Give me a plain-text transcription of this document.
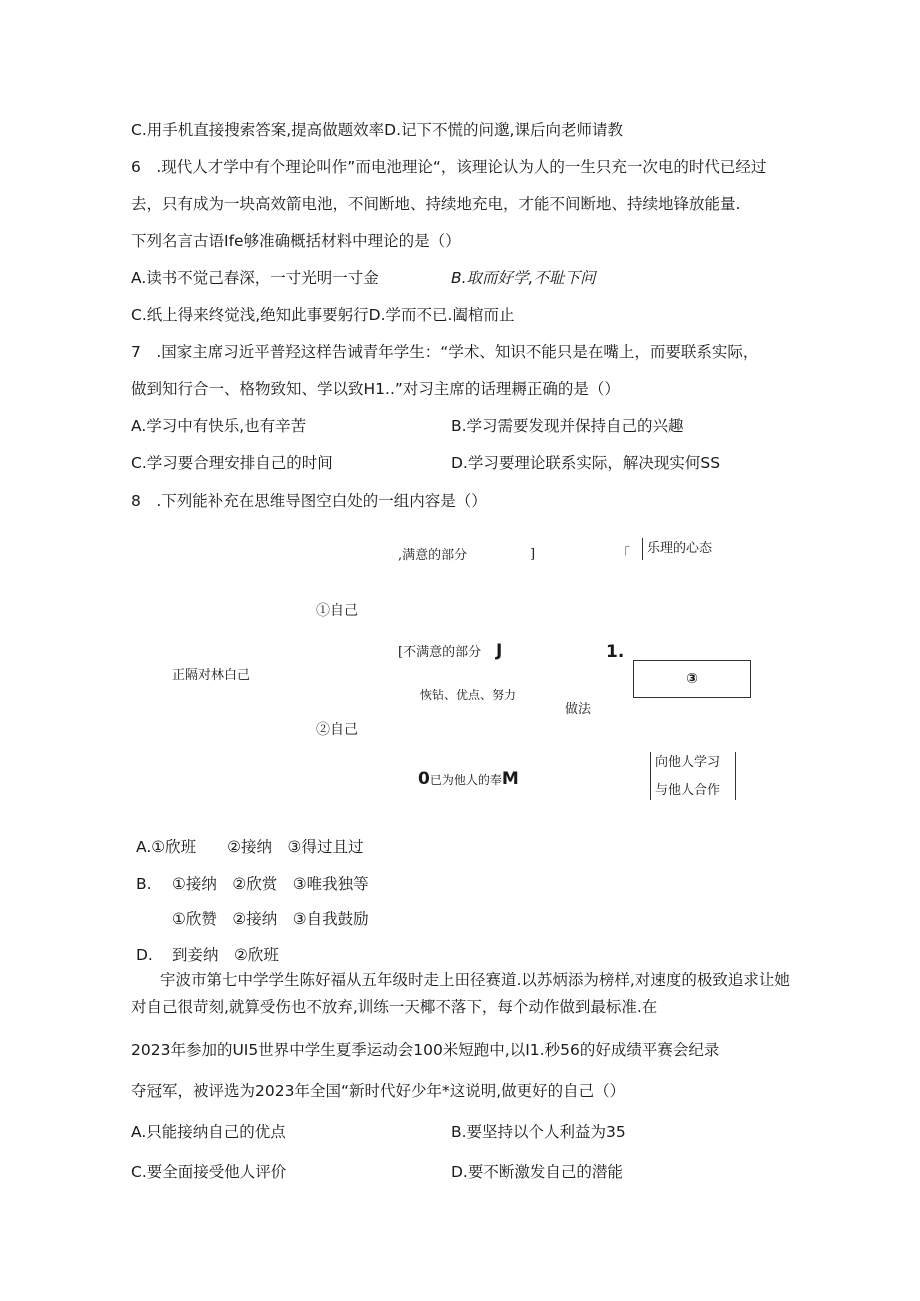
C.用手机直接搜索答案,提高做题效率D.记下不慌的问邈,课后向老师请教
6　.现代人才学中有个理论叫作”而电池理论“，该理论认为人的一生只充一次电的时代已经过
去，只有成为一块高效箭电池，不间断地、持续地充电，才能不间断地、持续地锋放能量.
下列名言古语Ife够准确概括材料中理论的是（）
A.读书不觉己春深，一寸光明一寸金	B.取而好学,不耻下问
C.纸上得来终觉浅,绝知此事要躬行D.学而不已.阖棺而止
7　.国家主席习近平普羟这样告诫青年学生：“学术、知识不能只是在嘴上，而要联系实际，
做到知行合一、格物致知、学以致H1..”对习主席的话理耨正确的是（）
A.学习中有快乐,也有辛苦	B.学习需要发现并保持自己的兴趣
C.学习要合理安排自己的时间	D.学习要理论联系实际，解决现实何SS
8　.下列能补充在思维导图空白处的一组内容是（）
,满意的部分	]	「 乐理的心态
①自己
[不满意的部分 J	1.
③
正隔对林白己
恢钻、优点、努力
做法
②自己
0已为他人的奉M
向他人学习
与他人合作
A.①欣班　　②接纳　③得过且过
B. ①接纳　②欣赏　③唯我独等
①欣赞　②接纳　③自我鼓励
D. 到妾纳　②欣班
宇波市第七中学学生陈好福从五年级时走上田径赛道.以苏炳添为榜样,对速度的极致追求让她
对自己很苛刻,就算受伤也不放弃,训练一天椰不落下，每个动作做到最标准.在
2023年参加的UI5世界中学生夏季运动会100米短跑中,以I1.秒56的好成绩平赛会纪录
夺冠军，被评选为2023年全国“新时代好少年*这说明,做更好的自己（）
A.只能接纳自己的优点	B.要坚持以个人利益为35
C.要全面接受他人评价	D.要不断激发自己的潜能
